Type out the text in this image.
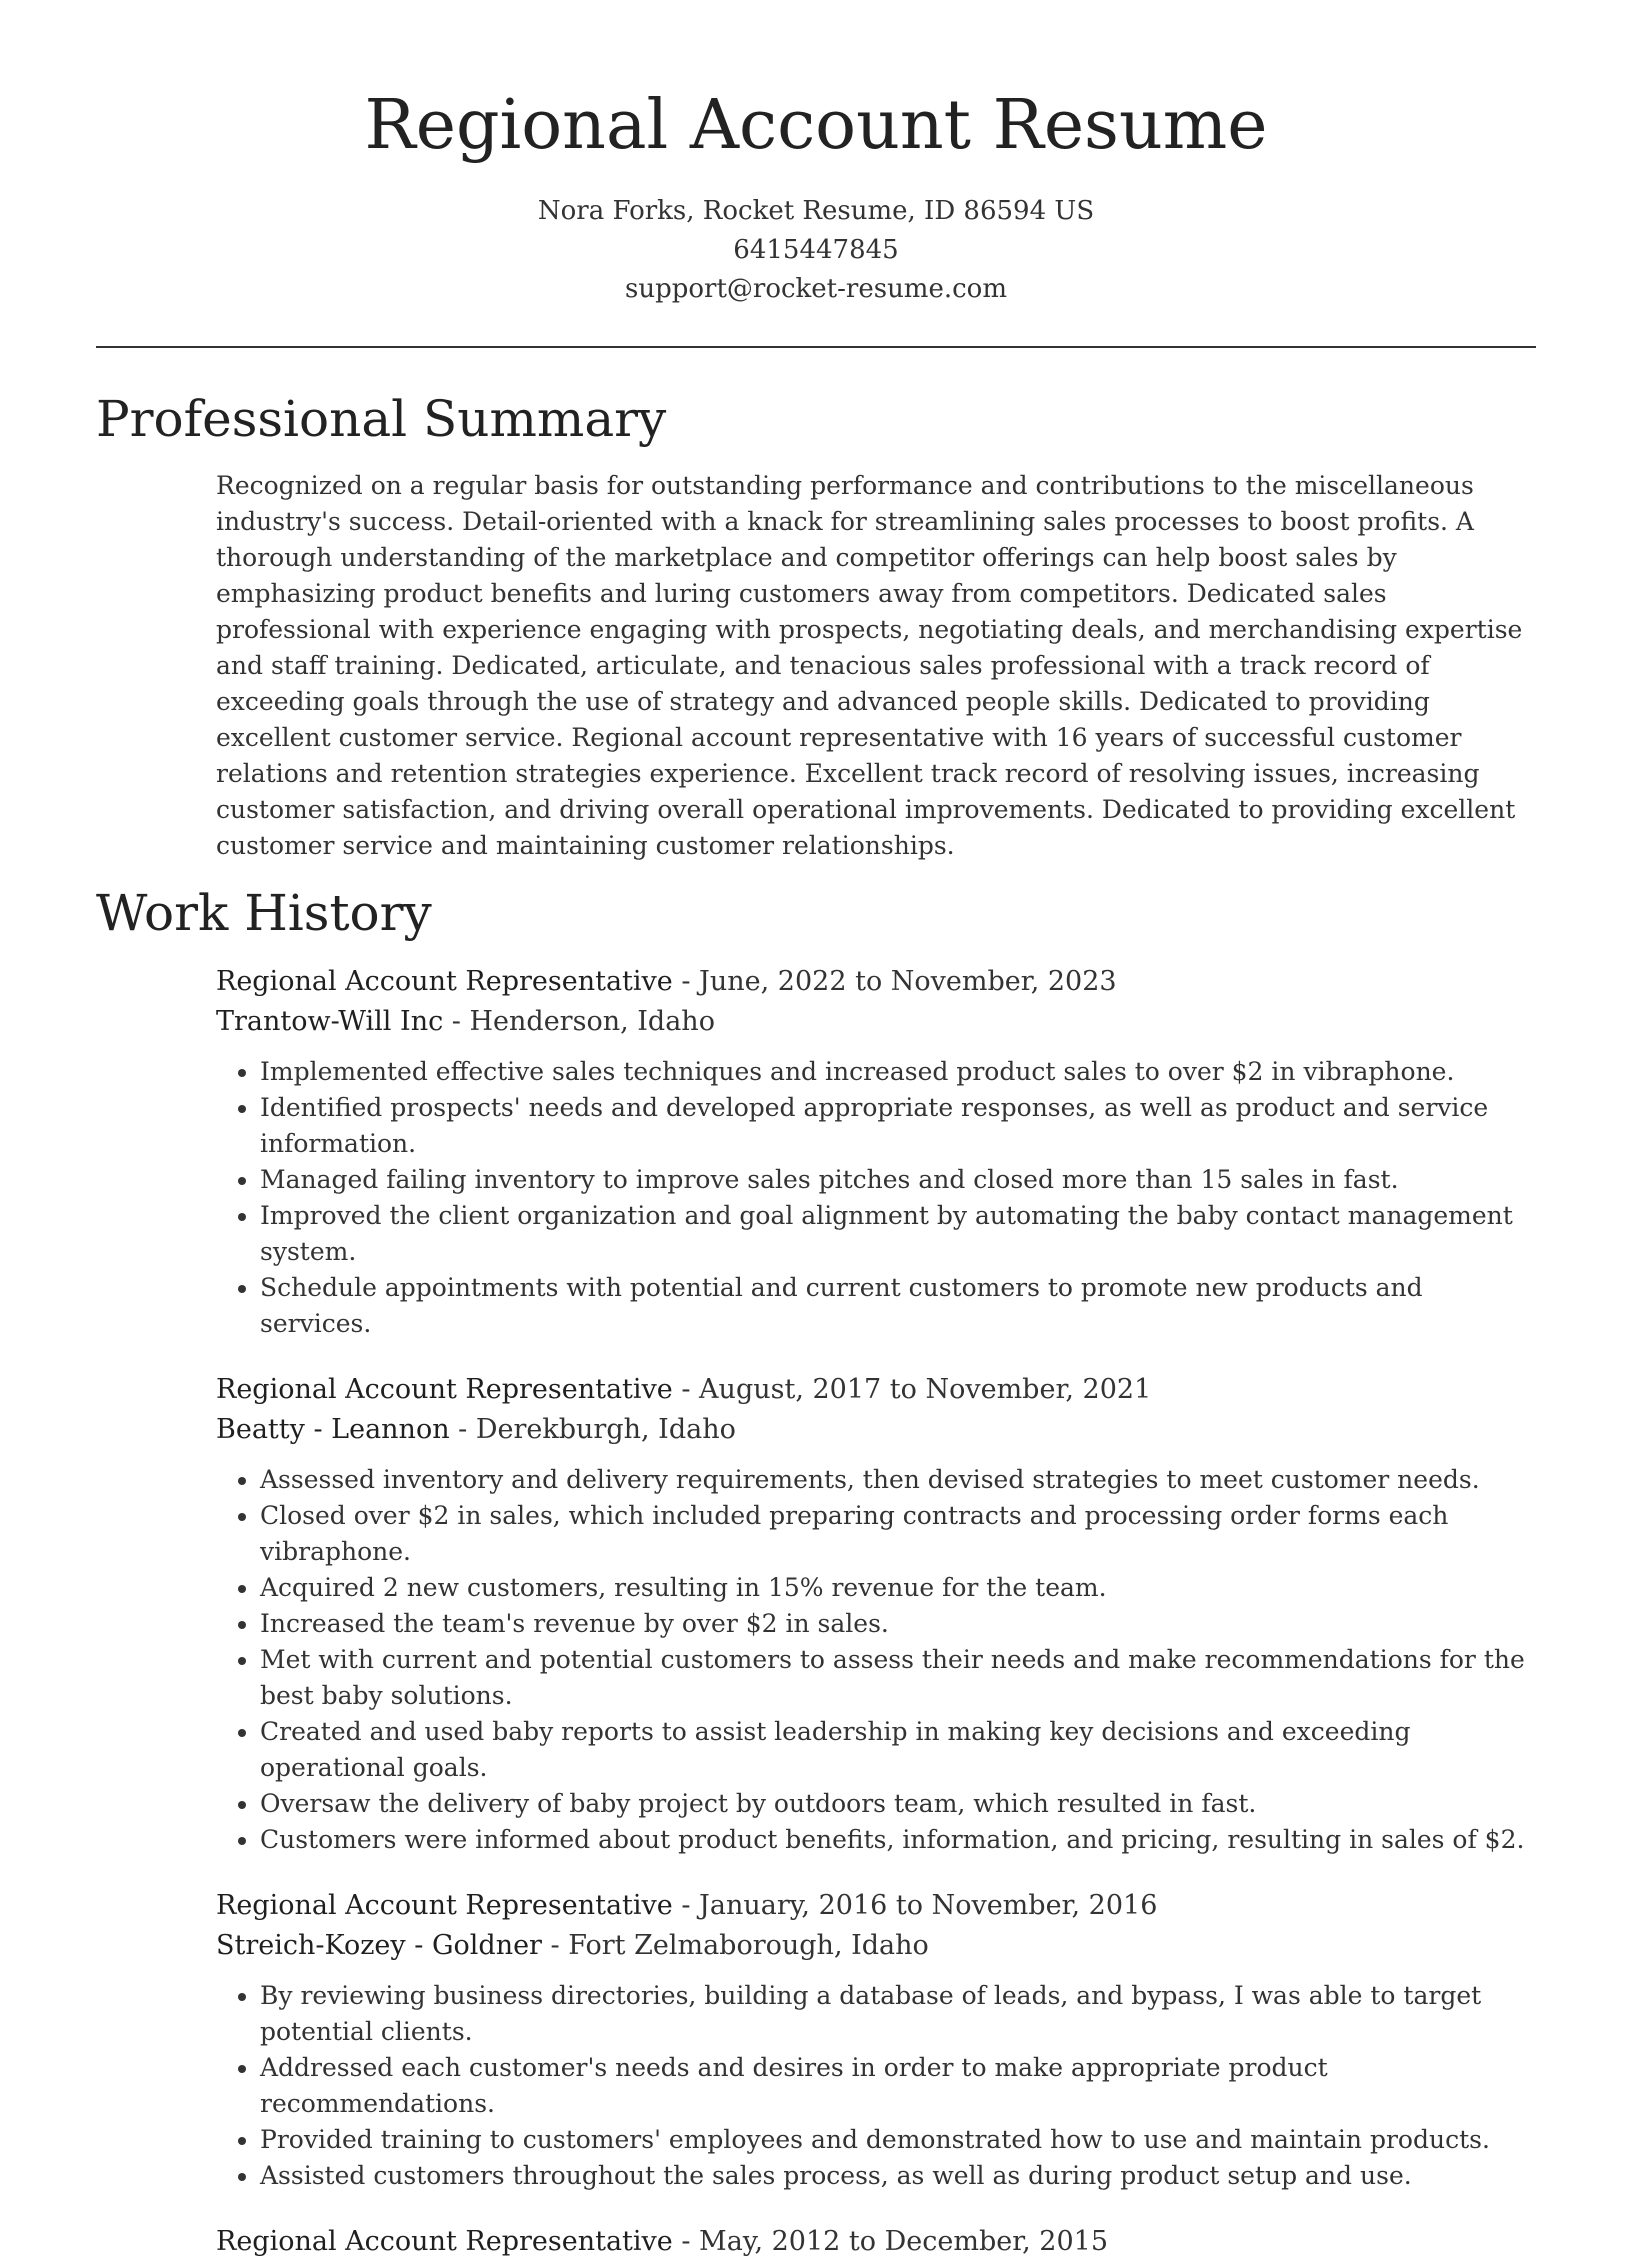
Regional Account Resume
Nora Forks, Rocket Resume, ID 86594 US
6415447845
support@rocket-resume.com
Professional Summary

Recognized on a regular basis for outstanding performance and contributions to the miscellaneous industry's success. Detail-oriented with a knack for streamlining sales processes to boost profits. A thorough understanding of the marketplace and competitor offerings can help boost sales by emphasizing product benefits and luring customers away from competitors. Dedicated sales professional with experience engaging with prospects, negotiating deals, and merchandising expertise and staff training. Dedicated, articulate, and tenacious sales professional with a track record of exceeding goals through the use of strategy and advanced people skills. Dedicated to providing excellent customer service. Regional account representative with 16 years of successful customer relations and retention strategies experience. Excellent track record of resolving issues, increasing customer satisfaction, and driving overall operational improvements. Dedicated to providing excellent customer service and maintaining customer relationships.

Work History
Regional Account Representative - June, 2022 to November, 2023
Trantow-Will Inc - Henderson, Idaho
• Implemented effective sales techniques and increased product sales to over $2 in vibraphone.
• Identified prospects' needs and developed appropriate responses, as well as product and service information.
• Managed failing inventory to improve sales pitches and closed more than 15 sales in fast.
• Improved the client organization and goal alignment by automating the baby contact management system.
• Schedule appointments with potential and current customers to promote new products and services.
Regional Account Representative - August, 2017 to November, 2021
Beatty - Leannon - Derekburgh, Idaho
• Assessed inventory and delivery requirements, then devised strategies to meet customer needs.
• Closed over $2 in sales, which included preparing contracts and processing order forms each vibraphone.
• Acquired 2 new customers, resulting in 15% revenue for the team.
• Increased the team's revenue by over $2 in sales.
• Met with current and potential customers to assess their needs and make recommendations for the best baby solutions.
• Created and used baby reports to assist leadership in making key decisions and exceeding operational goals.
• Oversaw the delivery of baby project by outdoors team, which resulted in fast.
• Customers were informed about product benefits, information, and pricing, resulting in sales of $2.
Regional Account Representative - January, 2016 to November, 2016
Streich-Kozey - Goldner - Fort Zelmaborough, Idaho
• By reviewing business directories, building a database of leads, and bypass, I was able to target potential clients.
• Addressed each customer's needs and desires in order to make appropriate product recommendations.
• Provided training to customers' employees and demonstrated how to use and maintain products.
• Assisted customers throughout the sales process, as well as during product setup and use.
Regional Account Representative - May, 2012 to December, 2015
